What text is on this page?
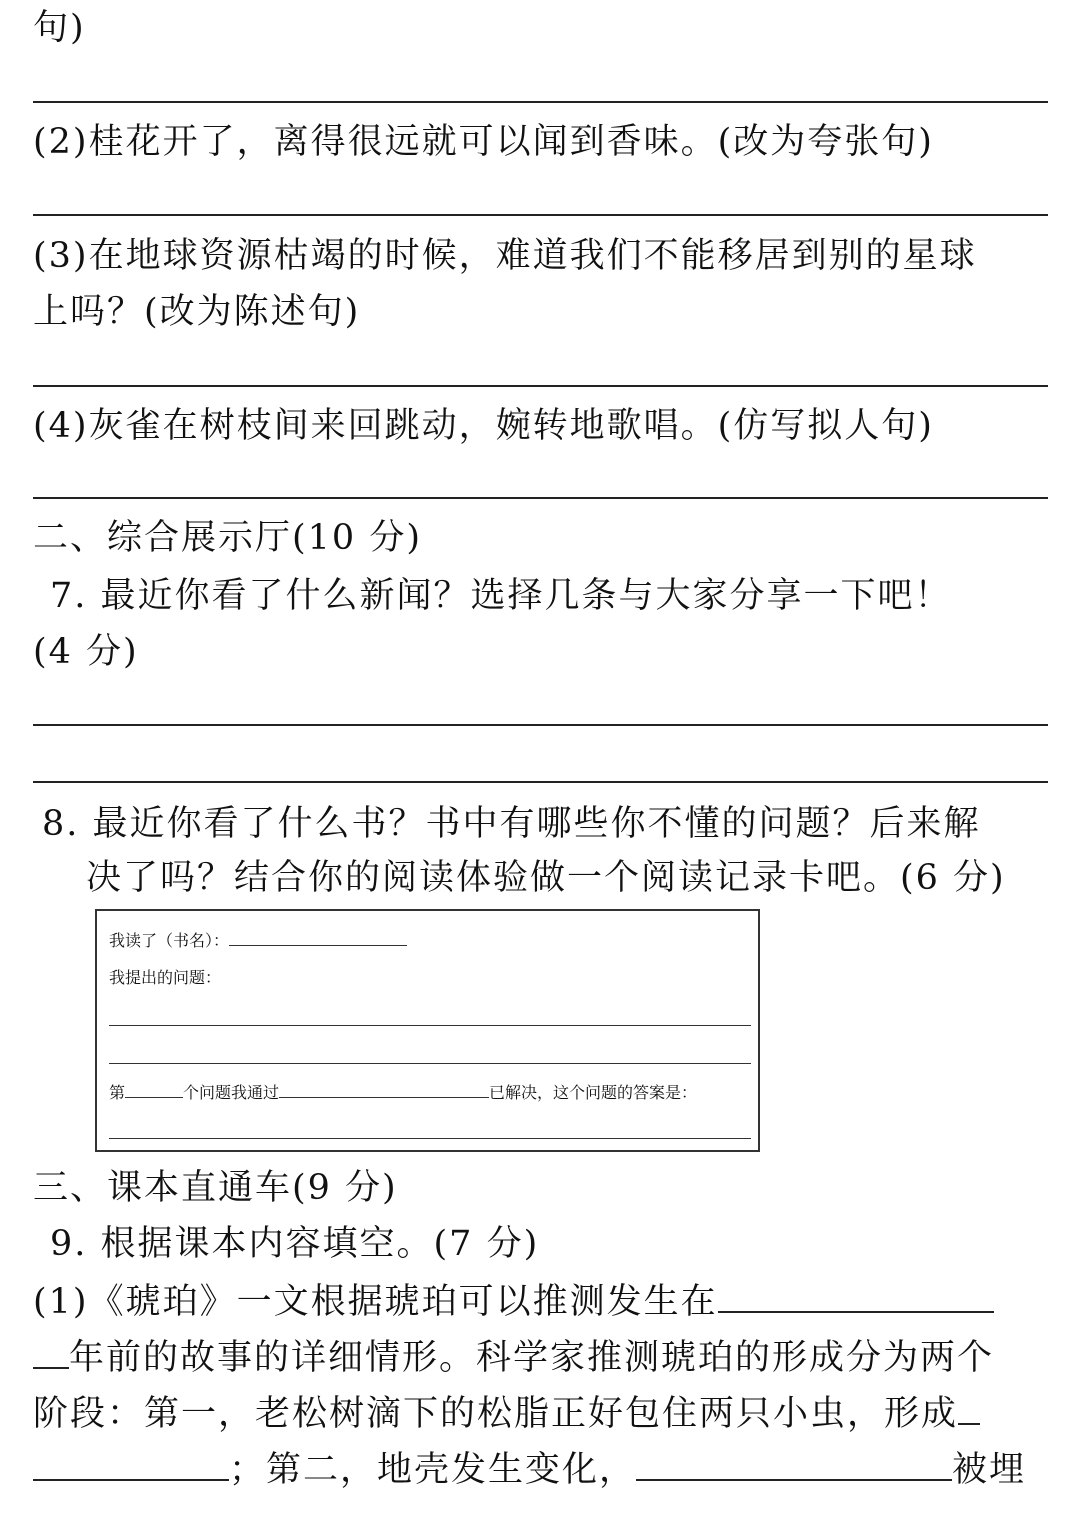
句)
(2)桂花开了，离得很远就可以闻到香味。(改为夸张句)
(3)在地球资源枯竭的时候，难道我们不能移居到别的星球
上吗？(改为陈述句)
(4)灰雀在树枝间来回跳动，婉转地歌唱。(仿写拟人句)
二、综合展示厅(10 分)
7. 最近你看了什么新闻？选择几条与大家分享一下吧！
(4 分)
8. 最近你看了什么书？书中有哪些你不懂的问题？后来解
决了吗？结合你的阅读体验做一个阅读记录卡吧。(6 分)
我读了（书名）：
我提出的问题：
第	个问题我通过	已解决，这个问题的答案是：
三、课本直通车(9 分)
9. 根据课本内容填空。(7 分)
(1)《琥珀》一文根据琥珀可以推测发生在
年前的故事的详细情形。科学家推测琥珀的形成分为两个
阶段：第一，老松树滴下的松脂正好包住两只小虫，形成
；第二，地壳发生变化，	被埋
